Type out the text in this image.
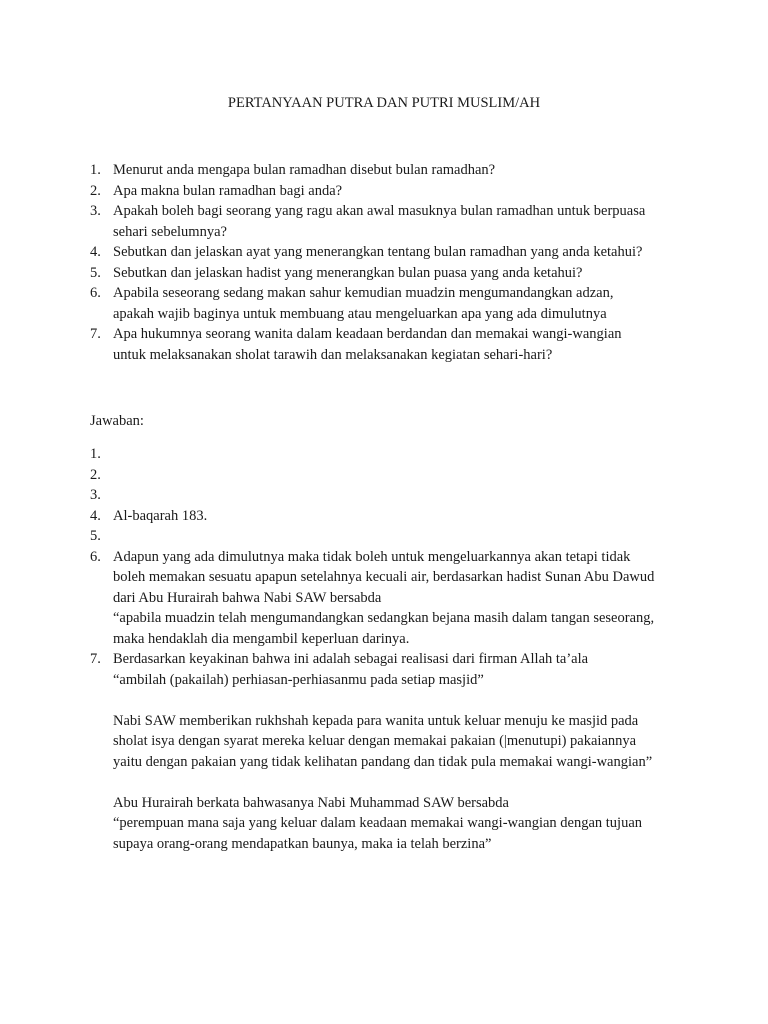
PERTANYAAN PUTRA DAN PUTRI MUSLIM/AH
1. Menurut anda mengapa bulan ramadhan disebut bulan ramadhan?
2. Apa makna bulan ramadhan bagi anda?
3. Apakah boleh bagi seorang yang ragu akan awal masuknya bulan ramadhan untuk berpuasa
sehari sebelumnya?
4. Sebutkan dan jelaskan ayat yang menerangkan tentang bulan ramadhan yang anda ketahui?
5. Sebutkan dan jelaskan hadist yang menerangkan bulan puasa yang anda ketahui?
6. Apabila seseorang sedang makan sahur kemudian muadzin mengumandangkan adzan,
apakah wajib baginya untuk membuang atau mengeluarkan apa yang ada dimulutnya
7. Apa hukumnya seorang wanita dalam keadaan berdandan dan memakai wangi-wangian
untuk melaksanakan sholat tarawih dan melaksanakan kegiatan sehari-hari?
Jawaban:
1.

2.

3.

4. Al-baqarah 183.
5.

6. Adapun yang ada dimulutnya maka tidak boleh untuk mengeluarkannya akan tetapi tidak
boleh memakan sesuatu apapun setelahnya kecuali air, berdasarkan hadist Sunan Abu Dawud
dari Abu Hurairah bahwa Nabi SAW bersabda
“apabila muadzin telah mengumandangkan sedangkan bejana masih dalam tangan seseorang,
maka hendaklah dia mengambil keperluan darinya.
7. Berdasarkan keyakinan bahwa ini adalah sebagai realisasi dari firman Allah ta’ala
“ambilah (pakailah) perhiasan-perhiasanmu pada setiap masjid”
Nabi SAW memberikan rukhshah kepada para wanita untuk keluar menuju ke masjid pada
sholat isya dengan syarat mereka keluar dengan memakai pakaian (|menutupi) pakaiannya
yaitu dengan pakaian yang tidak kelihatan pandang dan tidak pula memakai wangi-wangian”
Abu Hurairah berkata bahwasanya Nabi Muhammad SAW bersabda
“perempuan mana saja yang keluar dalam keadaan memakai wangi-wangian dengan tujuan
supaya orang-orang mendapatkan baunya, maka ia telah berzina”
